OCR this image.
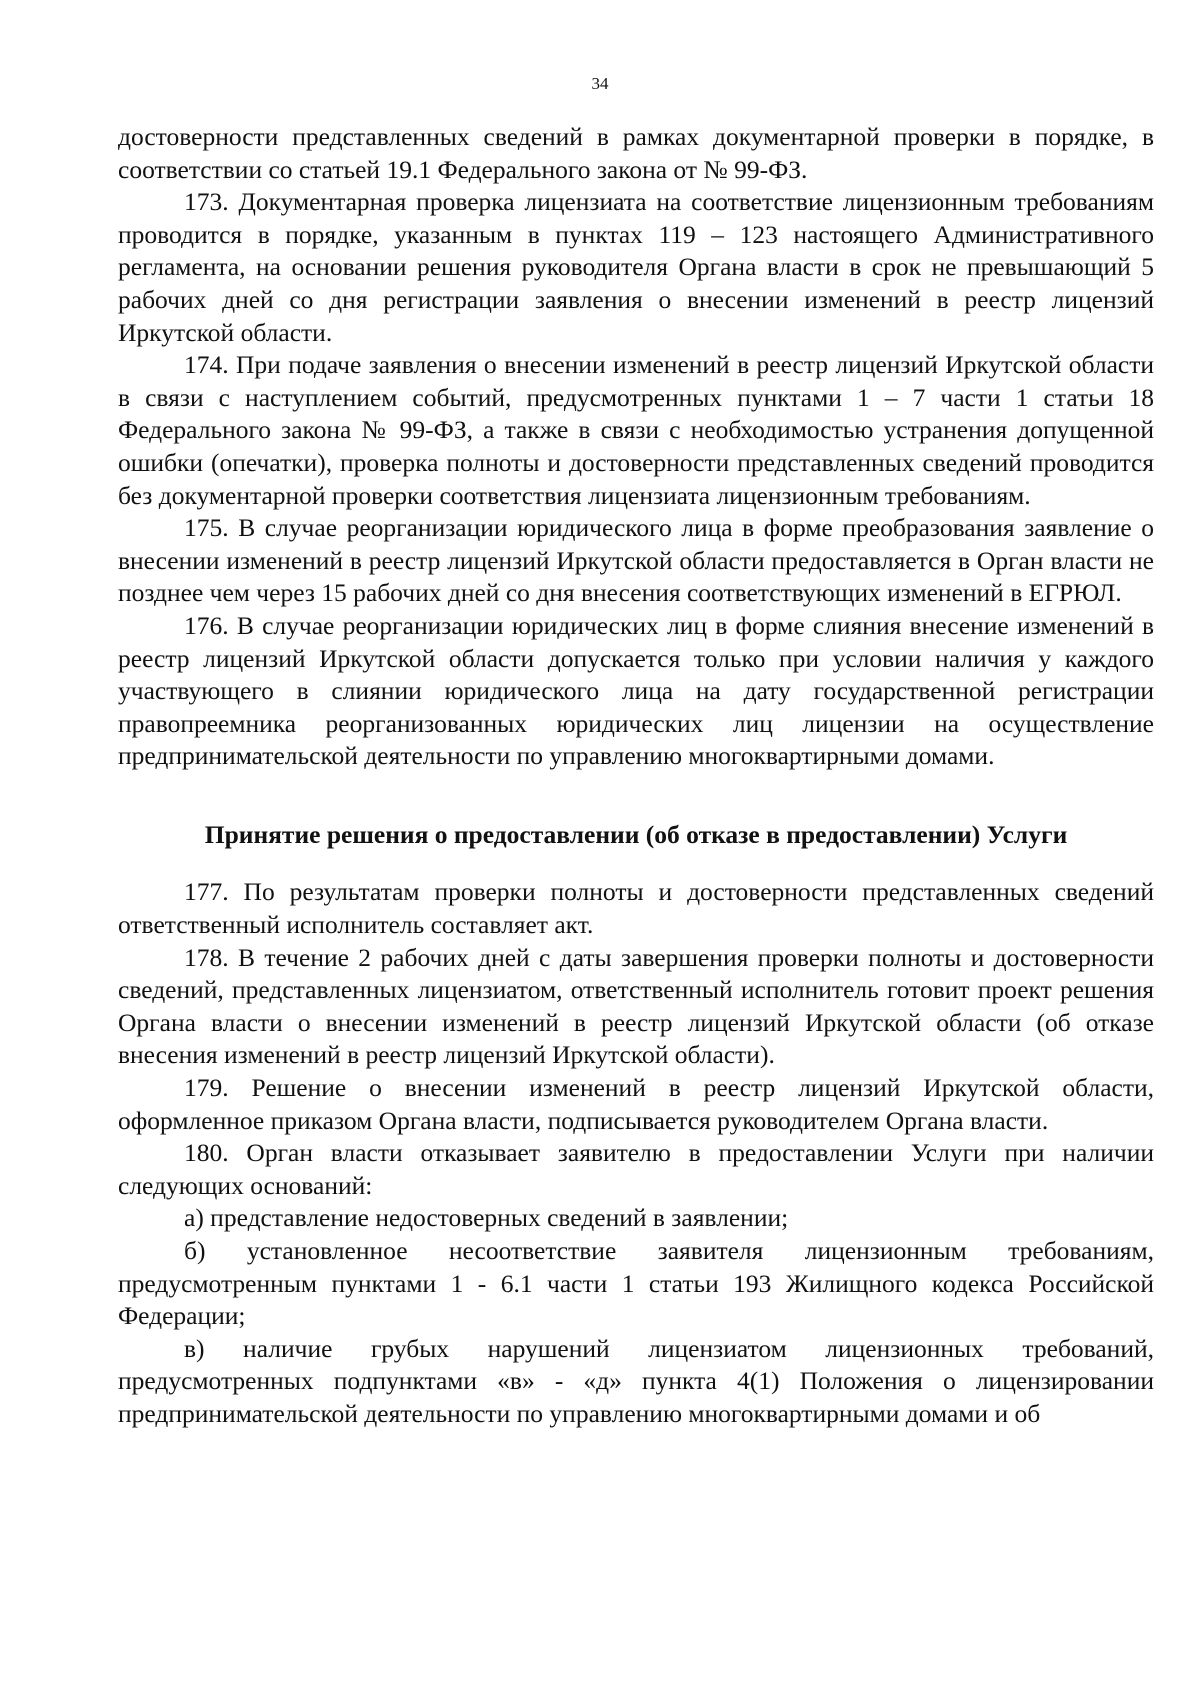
34

достоверности представленных сведений в рамках документарной проверки в порядке, в соответствии со статьей 19.1 Федерального закона от № 99-ФЗ.

173. Документарная проверка лицензиата на соответствие лицензионным требованиям проводится в порядке, указанным в пунктах 119 – 123 настоящего Административного регламента, на основании решения руководителя Органа власти в срок не превышающий 5 рабочих дней со дня регистрации заявления о внесении изменений в реестр лицензий Иркутской области.

174. При подаче заявления о внесении изменений в реестр лицензий Иркутской области в связи с наступлением событий, предусмотренных пунктами 1 – 7 части 1 статьи 18 Федерального закона № 99-ФЗ, а также в связи с необходимостью устранения допущенной ошибки (опечатки), проверка полноты и достоверности представленных сведений проводится без документарной проверки соответствия лицензиата лицензионным требованиям.

175. В случае реорганизации юридического лица в форме преобразования заявление о внесении изменений в реестр лицензий Иркутской области предоставляется в Орган власти не позднее чем через 15 рабочих дней со дня внесения соответствующих изменений в ЕГРЮЛ.

176. В случае реорганизации юридических лиц в форме слияния внесение изменений в реестр лицензий Иркутской области допускается только при условии наличия у каждого участвующего в слиянии юридического лица на дату государственной регистрации правопреемника реорганизованных юридических лиц лицензии на осуществление предпринимательской деятельности по управлению многоквартирными домами.

Принятие решения о предоставлении (об отказе в предоставлении) Услуги

177. По результатам проверки полноты и достоверности представленных сведений ответственный исполнитель составляет акт.

178. В течение 2 рабочих дней с даты завершения проверки полноты и достоверности сведений, представленных лицензиатом, ответственный исполнитель готовит проект решения Органа власти о внесении изменений в реестр лицензий Иркутской области (об отказе внесения изменений в реестр лицензий Иркутской области).

179. Решение о внесении изменений в реестр лицензий Иркутской области, оформленное приказом Органа власти, подписывается руководителем Органа власти.

180. Орган власти отказывает заявителю в предоставлении Услуги при наличии следующих оснований:

а) представление недостоверных сведений в заявлении;

б) установленное несоответствие заявителя лицензионным требованиям, предусмотренным пунктами 1 - 6.1 части 1 статьи 193 Жилищного кодекса Российской Федерации;

в) наличие грубых нарушений лицензиатом лицензионных требований, предусмотренных подпунктами «в» - «д» пункта 4(1) Положения о лицензировании предпринимательской деятельности по управлению многоквартирными домами и об
